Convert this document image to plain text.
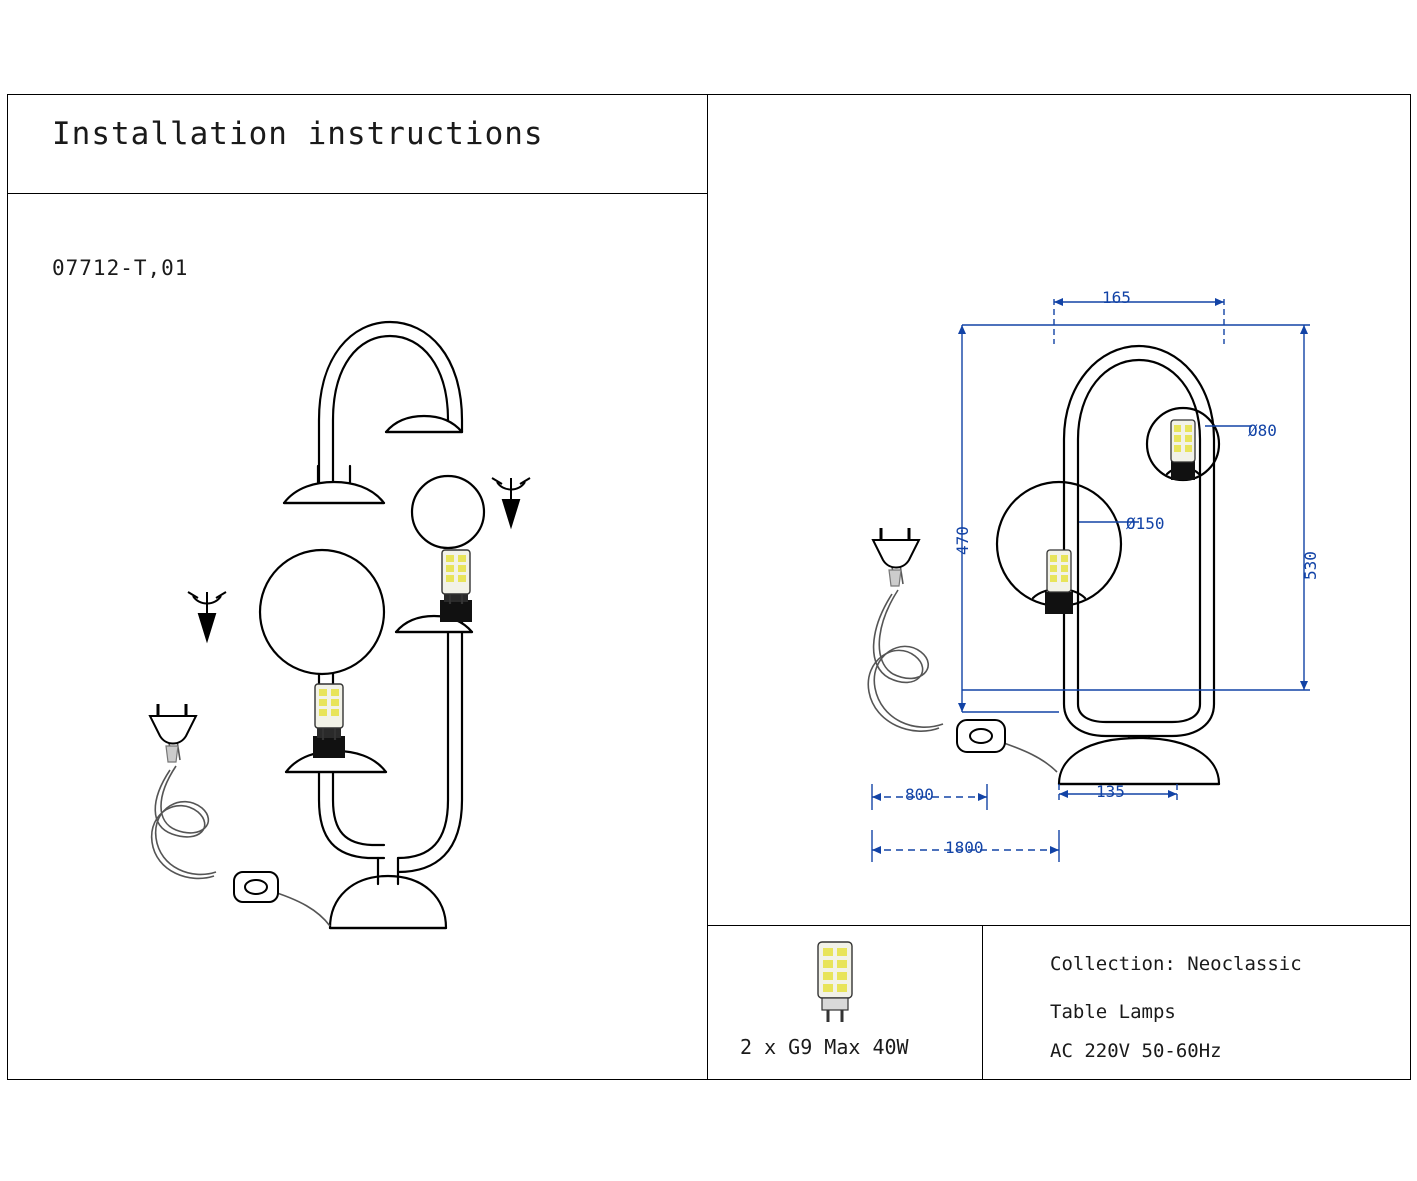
Installation instructions
07712-T,01
165
Ø80
Ø150
470
530
135
800
1800
2 x G9 Max 40W
Collection: Neoclassic
Table Lamps
AC 220V 50-60Hz
